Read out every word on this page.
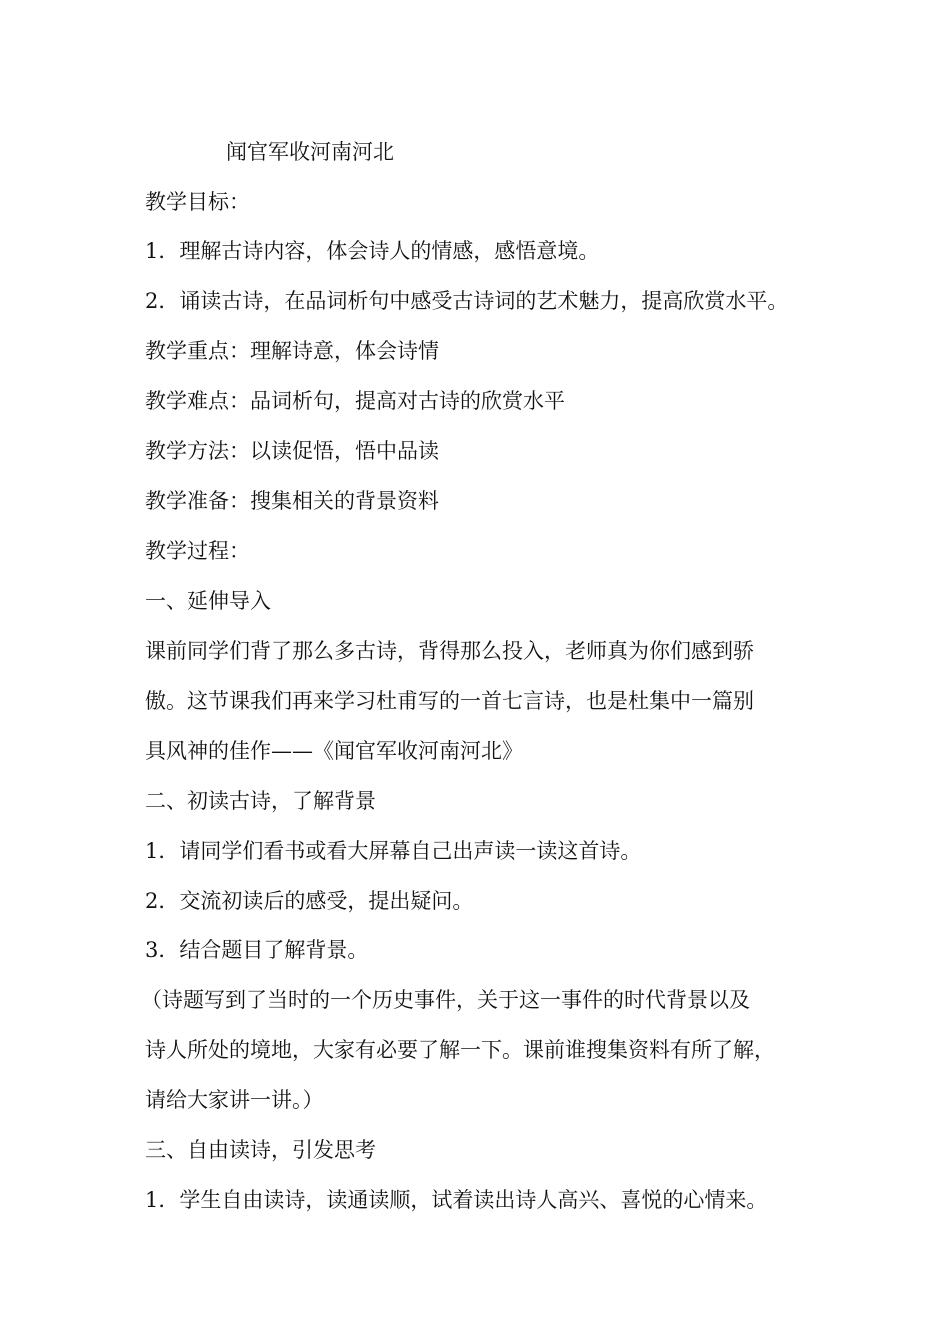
闻官军收河南河北
教学目标：
1．理解古诗内容，体会诗人的情感，感悟意境。
2．诵读古诗，在品词析句中感受古诗词的艺术魅力，提高欣赏水平。
教学重点：理解诗意，体会诗情
教学难点：品词析句，提高对古诗的欣赏水平
教学方法：以读促悟，悟中品读
教学准备：搜集相关的背景资料
教学过程：
一、延伸导入
课前同学们背了那么多古诗，背得那么投入，老师真为你们感到骄
傲。这节课我们再来学习杜甫写的一首七言诗，也是杜集中一篇别
具风神的佳作——《闻官军收河南河北》
二、初读古诗，了解背景
1．请同学们看书或看大屏幕自己出声读一读这首诗。
2．交流初读后的感受，提出疑问。
3．结合题目了解背景。
（诗题写到了当时的一个历史事件，关于这一事件的时代背景以及
诗人所处的境地，大家有必要了解一下。课前谁搜集资料有所了解，
请给大家讲一讲。）
三、自由读诗，引发思考
1．学生自由读诗，读通读顺，试着读出诗人高兴、喜悦的心情来。
